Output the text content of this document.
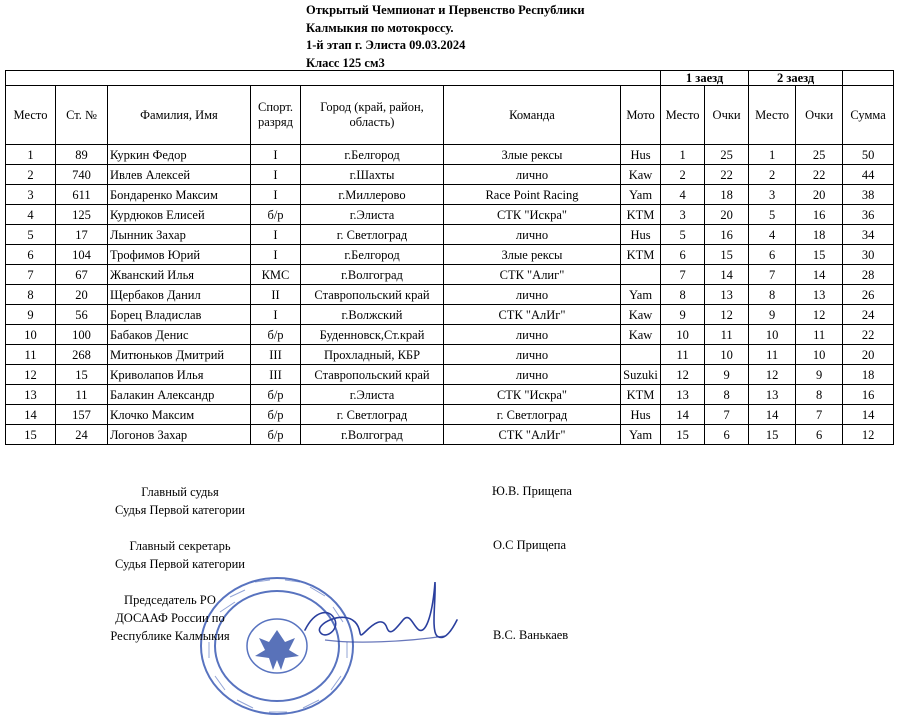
Открытый Чемпионат и Первенство Республики
Калмыкия по мотокроссу.
1-й этап г. Элиста 09.03.2024
Класс 125 см3
							1 заезд		2 заезд		
Место	Ст. №	Фамилия, Имя	Спорт. разряд	Город (край, район, область)	Команда	Мото	Место	Очки	Место	Очки	Сумма
1	89	Куркин Федор	I	г.Белгород	Злые рексы	Hus	1	25	1	25	50
2	740	Ивлев Алексей	I	г.Шахты	лично	Kaw	2	22	2	22	44
3	611	Бондаренко Максим	I	г.Миллерово	Race Point Racing	Yam	4	18	3	20	38
4	125	Курдюков Елисей	б/р	г.Элиста	СТК "Искра"	KTM	3	20	5	16	36
5	17	Лынник Захар	I	г. Светлоград	лично	Hus	5	16	4	18	34
6	104	Трофимов Юрий	I	г.Белгород	Злые рексы	KTM	6	15	6	15	30
7	67	Жванский Илья	КМС	г.Волгоград	СТК "Алиг"		7	14	7	14	28
8	20	Щербаков Данил	II	Ставропольский край	лично	Yam	8	13	8	13	26
9	56	Борец Владислав	I	г.Волжский	СТК "АлИг"	Kaw	9	12	9	12	24
10	100	Бабаков Денис	б/р	Буденновск,Ст.край	лично	Kaw	10	11	10	11	22
11	268	Митюньков Дмитрий	III	Прохладный, КБР	лично		11	10	11	10	20
12	15	Криволапов Илья	III	Ставропольский край	лично	Suzuki	12	9	12	9	18
13	11	Балакин Александр	б/р	г.Элиста	СТК "Искра"	KTM	13	8	13	8	16
14	157	Клочко Максим	б/р	г. Светлоград	г. Светлоград	Hus	14	7	14	7	14
15	24	Логонов Захар	б/р	г.Волгоград	СТК "АлИг"	Yam	15	6	15	6	12
Главный судья
Судья Первой категории
Ю.В. Прищепа
Главный секретарь
Судья Первой категории
О.С Прищепа
Председатель РО
ДОСААФ России по
Республике Калмыкия	В.С. Ванькаев
